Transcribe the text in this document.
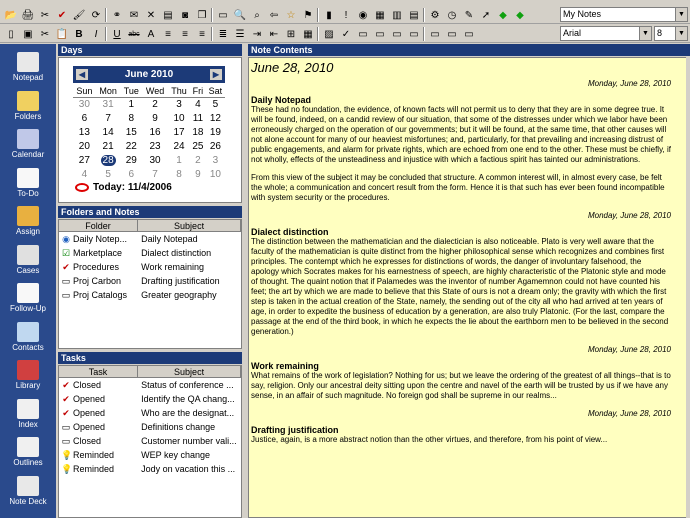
📂 🖨 ✂ ✔ 🖌 ⟳	⚭ ✉ ✕ ▤ ◙ ❐	▭ 🔍 ⌕	⇦ ☆ ⚑	▮	!	◉ ▦ ▥ ▤	⚙ ◷ ✎ ➚ ◆ ◆	My Notes	▼
▯ ▣ ✂ 📋 B	I	U	abc A	≡	≡	≡	≣ ☰ ⇥ ⇤ ⊞ ▦	▨ ✓ ▭ ▭ ▭ ▭	▭ ▭ ▭	Arial	▼ 8	▼
Notepad
Folders
Calendar
To-Do
Assign
Cases
Follow-Up
Contacts
Library
Index
Outlines
Note Deck
Days
◀	June 2010	▶
Sun	Mon	Tue	Wed	Thu	Fri	Sat
30	31	1	2	3	4	5
6	7	8	9	10	11	12
13	14	15	16	17	18	19
20	21	22	23	24	25	26
27	28	29	30	1	2	3
4	5	6	7	8	9	10
Today: 11/4/2006
Folders and Notes
Folder	Subject
◉ Daily Notep...	Daily Notepad
☑ Marketplace	Dialect distinction
✔ Procedures	Work remaining
▭ Proj Carbon	Drafting justification
▭ Proj Catalogs	Greater geography
Tasks
Task	Subject
✔ Closed	Status of conference ...
✔ Opened	Identify the QA chang...
✔ Opened	Who are the designat...
▭ Opened	Definitions change
▭ Closed	Customer number vali...
💡 Reminded	WEP key change
💡 Reminded	Jody on vacation this ...
Note Contents
June 28, 2010
Monday, June 28, 2010
Daily Notepad
These had no foundation, the evidence, of known facts will not permit us to deny that they are in some degree true. It will be found, indeed, on a candid review of our situation, that some of the distresses under which we labor have been erroneously charged on the operation of our governments; but it will be found, at the same time, that other causes will not alone account for many of our heaviest misfortunes; and, particularly, for that prevailing and increasing distrust of public engagements, and alarm for private rights, which are echoed from one end to the other. These must be chiefly, if not wholly, effects of the unsteadiness and injustice with which a factious spirit has tainted our administrations.
From this view of the subject it may be concluded that structure. A common interest will, in almost every case, be felt the whole; a communication and concert result from the form. Hence it is that such has ever been found incompatible with system security or the procedures.
Monday, June 28, 2010
Dialect distinction
The distinction between the mathematician and the dialectician is also noticeable. Plato is very well aware that the faculty of the mathematician is quite distinct from the higher philosophical sense which recognizes and combines first principles. The contempt which he expresses for distinctions of words, the danger of involuntary falsehood, the apology which Socrates makes for his earnestness of speech, are highly characteristic of the Platonic style and mode of thought. The quaint notion that if Palamedes was the inventor of number Agamemnon could not have counted his feet; the art by which we are made to believe that this State of ours is not a dream only; the gravity with which the first step is taken in the actual creation of the State, namely, the sending out of the city all who had arrived at ten years of age, in order to expedite the business of education by a generation, are also truly Platonic. (For the last, compare the passage at the end of the third book, in which he expects the lie about the earthborn men to be believed in the second generation.)
Monday, June 28, 2010
Work remaining
What remains of the work of legislation? Nothing for us; but we leave the ordering of the greatest of all things--that is to say, religion. Only our ancestral deity sitting upon the centre and navel of the earth will be trusted by us if we have any sense, in an affair of such magnitude. No foreign god shall be supreme in our realms...
Monday, June 28, 2010
Drafting justification
Justice, again, is a more abstract notion than the other virtues, and therefore, from his point of view...
